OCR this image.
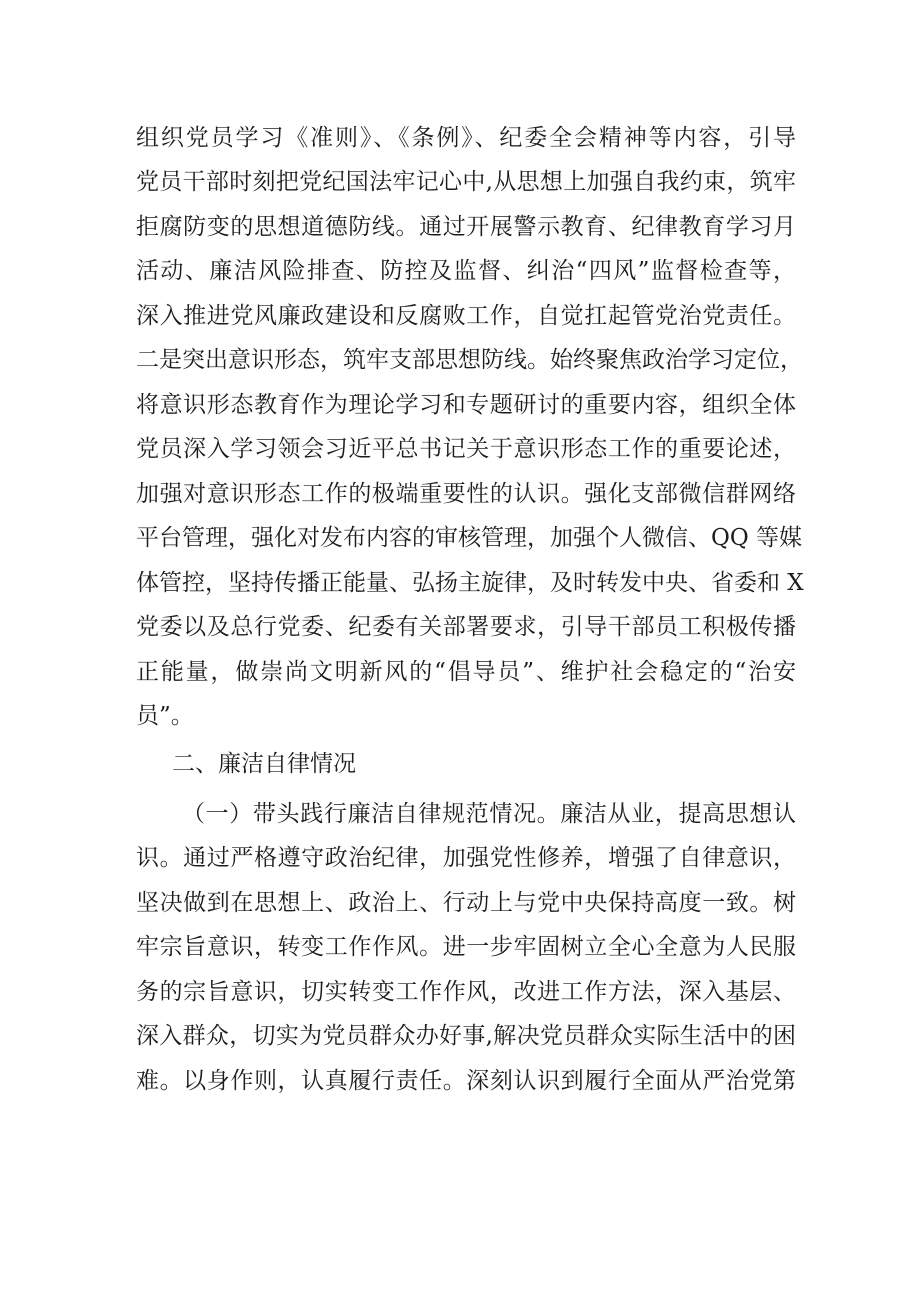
组织党员学习《准则》、《条例》、纪委全会精神等内容，引导
党员干部时刻把党纪国法牢记心中,从思想上加强自我约束，筑牢
拒腐防变的思想道德防线。通过开展警示教育、纪律教育学习月
活动、廉洁风险排查、防控及监督、纠治“四风”监督检查等，
深入推进党风廉政建设和反腐败工作，自觉扛起管党治党责任。
二是突出意识形态，筑牢支部思想防线。始终聚焦政治学习定位，
将意识形态教育作为理论学习和专题研讨的重要内容，组织全体
党员深入学习领会习近平总书记关于意识形态工作的重要论述，
加强对意识形态工作的极端重要性的认识。强化支部微信群网络
平台管理，强化对发布内容的审核管理，加强个人微信、QQ 等媒
体管控，坚持传播正能量、弘扬主旋律，及时转发中央、省委和 X
党委以及总行党委、纪委有关部署要求，引导干部员工积极传播
正能量，做崇尚文明新风的“倡导员”、维护社会稳定的“治安
员”。
二、廉洁自律情况
（一）带头践行廉洁自律规范情况。廉洁从业，提高思想认
识。通过严格遵守政治纪律，加强党性修养，增强了自律意识，
坚决做到在思想上、政治上、行动上与党中央保持高度一致。树
牢宗旨意识，转变工作作风。进一步牢固树立全心全意为人民服
务的宗旨意识，切实转变工作作风，改进工作方法，深入基层、
深入群众，切实为党员群众办好事,解决党员群众实际生活中的困
难。以身作则，认真履行责任。深刻认识到履行全面从严治党第
